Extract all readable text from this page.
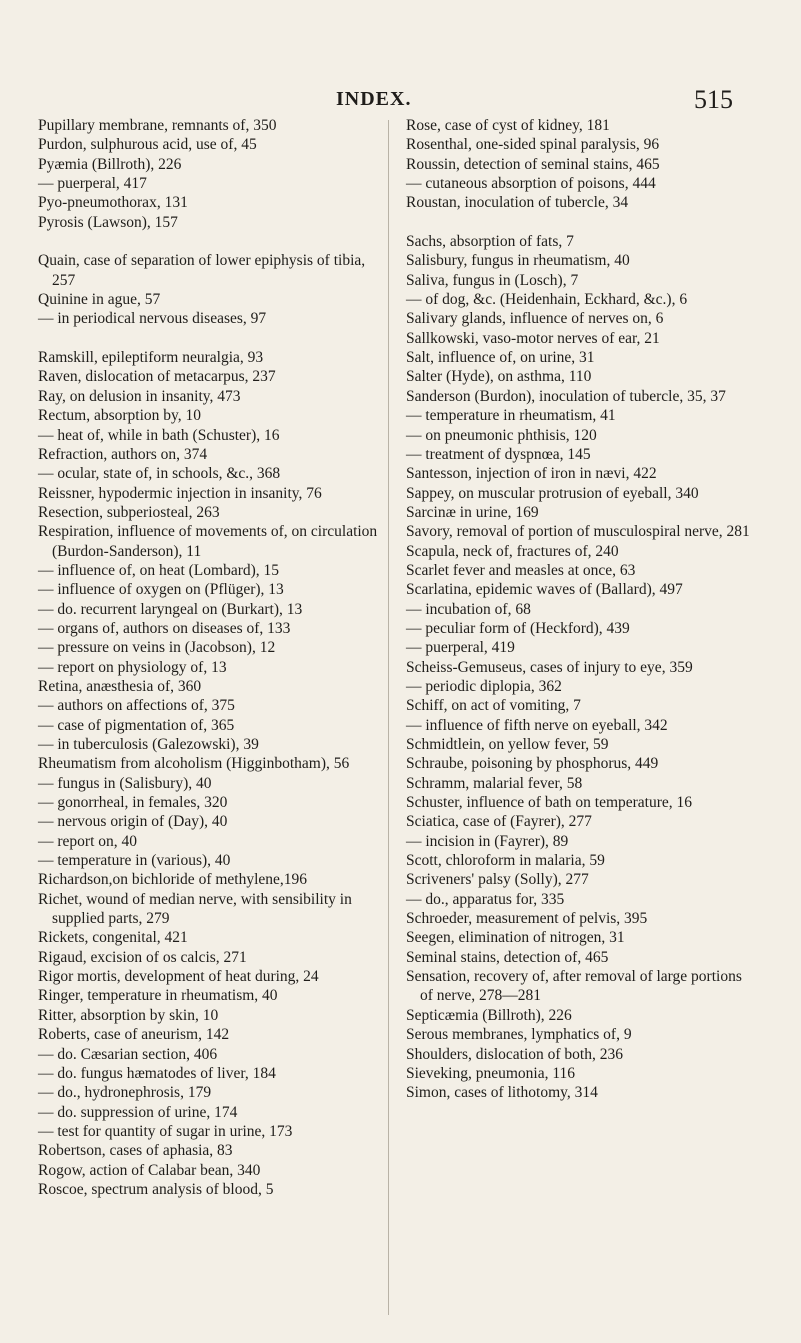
INDEX.	515
Pupillary membrane, remnants of, 350
Purdon, sulphurous acid, use of, 45
Pyæmia (Billroth), 226
— puerperal, 417
Pyo-pneumothorax, 131
Pyrosis (Lawson), 157
Quain, case of separation of lower epiphysis of tibia, 257
Quinine in ague, 57
— in periodical nervous diseases, 97
Ramskill, epileptiform neuralgia, 93
Raven, dislocation of metacarpus, 237
Ray, on delusion in insanity, 473
Rectum, absorption by, 10
— heat of, while in bath (Schuster), 16
Refraction, authors on, 374
— ocular, state of, in schools, &c., 368
Reissner, hypodermic injection in insanity, 76
Resection, subperiosteal, 263
Respiration, influence of movements of, on circulation (Burdon-Sanderson), 11
— influence of, on heat (Lombard), 15
— influence of oxygen on (Pflüger), 13
— do. recurrent laryngeal on (Burkart), 13
— organs of, authors on diseases of, 133
— pressure on veins in (Jacobson), 12
— report on physiology of, 13
Retina, anæsthesia of, 360
— authors on affections of, 375
— case of pigmentation of, 365
— in tuberculosis (Galezowski), 39
Rheumatism from alcoholism (Higginbotham), 56
— fungus in (Salisbury), 40
— gonorrheal, in females, 320
— nervous origin of (Day), 40
— report on, 40
— temperature in (various), 40
Richardson,on bichloride of methylene,196
Richet, wound of median nerve, with sensibility in supplied parts, 279
Rickets, congenital, 421
Rigaud, excision of os calcis, 271
Rigor mortis, development of heat during, 24
Ringer, temperature in rheumatism, 40
Ritter, absorption by skin, 10
Roberts, case of aneurism, 142
— do. Cæsarian section, 406
— do. fungus hæmatodes of liver, 184
— do., hydronephrosis, 179
— do. suppression of urine, 174
— test for quantity of sugar in urine, 173
Robertson, cases of aphasia, 83
Rogow, action of Calabar bean, 340
Roscoe, spectrum analysis of blood, 5
Rose, case of cyst of kidney, 181
Rosenthal, one-sided spinal paralysis, 96
Roussin, detection of seminal stains, 465
— cutaneous absorption of poisons, 444
Roustan, inoculation of tubercle, 34
Sachs, absorption of fats, 7
Salisbury, fungus in rheumatism, 40
Saliva, fungus in (Losch), 7
— of dog, &c. (Heidenhain, Eckhard, &c.), 6
Salivary glands, influence of nerves on, 6
Sallkowski, vaso-motor nerves of ear, 21
Salt, influence of, on urine, 31
Salter (Hyde), on asthma, 110
Sanderson (Burdon), inoculation of tubercle, 35, 37
— temperature in rheumatism, 41
— on pneumonic phthisis, 120
— treatment of dyspnœa, 145
Santesson, injection of iron in nævi, 422
Sappey, on muscular protrusion of eyeball, 340
Sarcinæ in urine, 169
Savory, removal of portion of musculospiral nerve, 281
Scapula, neck of, fractures of, 240
Scarlet fever and measles at once, 63
Scarlatina, epidemic waves of (Ballard), 497
— incubation of, 68
— peculiar form of (Heckford), 439
— puerperal, 419
Scheiss-Gemuseus, cases of injury to eye, 359
— periodic diplopia, 362
Schiff, on act of vomiting, 7
— influence of fifth nerve on eyeball, 342
Schmidtlein, on yellow fever, 59
Schraube, poisoning by phosphorus, 449
Schramm, malarial fever, 58
Schuster, influence of bath on temperature, 16
Sciatica, case of (Fayrer), 277
— incision in (Fayrer), 89
Scott, chloroform in malaria, 59
Scriveners' palsy (Solly), 277
— do., apparatus for, 335
Schroeder, measurement of pelvis, 395
Seegen, elimination of nitrogen, 31
Seminal stains, detection of, 465
Sensation, recovery of, after removal of large portions of nerve, 278—281
Septicæmia (Billroth), 226
Serous membranes, lymphatics of, 9
Shoulders, dislocation of both, 236
Sieveking, pneumonia, 116
Simon, cases of lithotomy, 314
